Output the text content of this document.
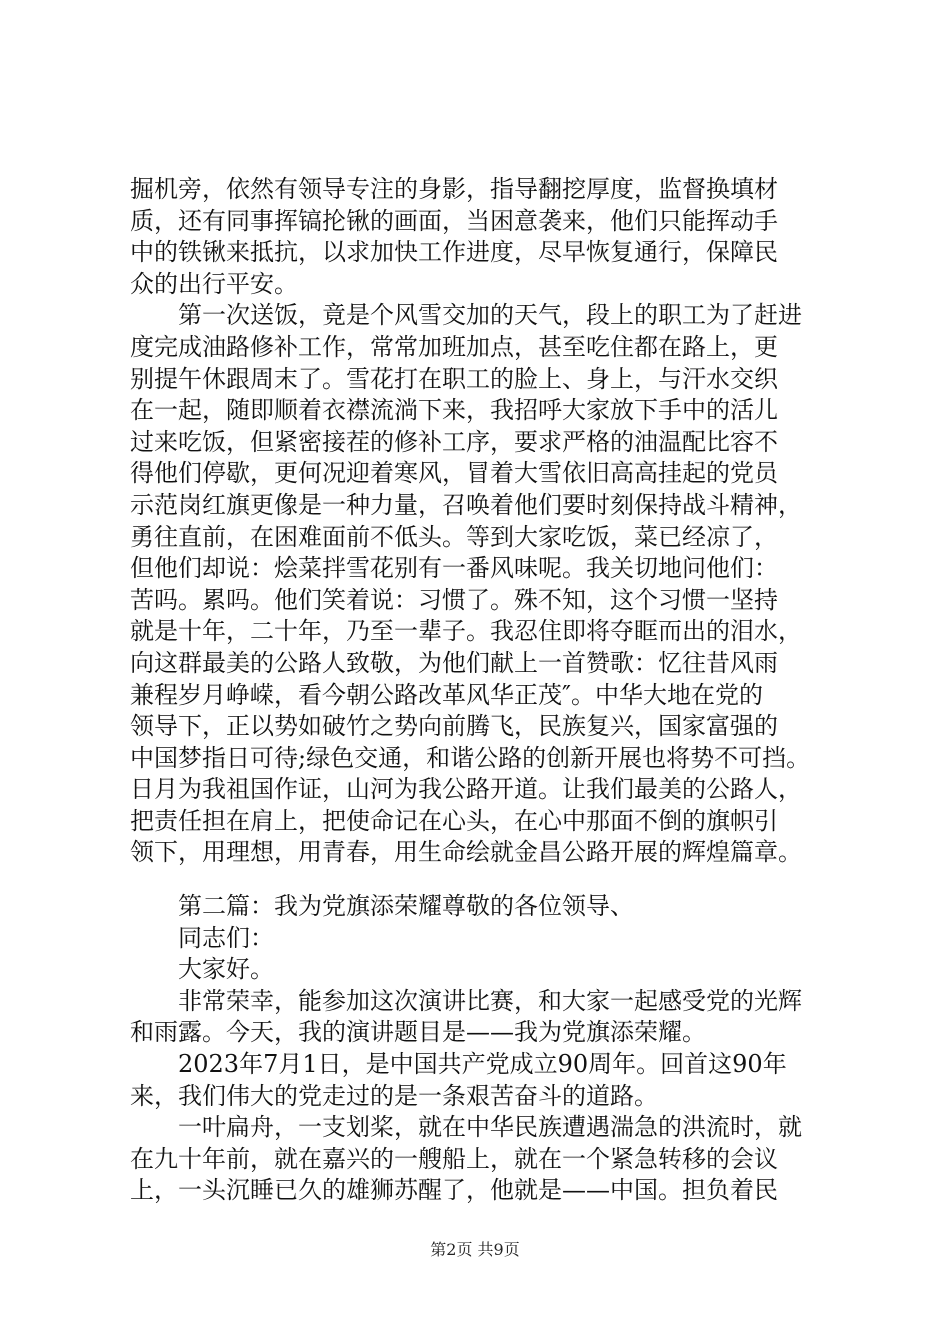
掘机旁，依然有领导专注的身影，指导翻挖厚度，监督换填材
质，还有同事挥镐抡锹的画面，当困意袭来，他们只能挥动手
中的铁锹来抵抗，以求加快工作进度，尽早恢复通行，保障民
众的出行平安。
第一次送饭，竟是个风雪交加的天气，段上的职工为了赶进
度完成油路修补工作，常常加班加点，甚至吃住都在路上，更
别提午休跟周末了。雪花打在职工的脸上、身上，与汗水交织
在一起，随即顺着衣襟流淌下来，我招呼大家放下手中的活儿
过来吃饭，但紧密接茬的修补工序，要求严格的油温配比容不
得他们停歇，更何况迎着寒风，冒着大雪依旧高高挂起的党员
示范岗红旗更像是一种力量，召唤着他们要时刻保持战斗精神，
勇往直前，在困难面前不低头。等到大家吃饭，菜已经凉了，
但他们却说：烩菜拌雪花别有一番风味呢。我关切地问他们：
苦吗。累吗。他们笑着说：习惯了。殊不知，这个习惯一坚持
就是十年，二十年，乃至一辈子。我忍住即将夺眶而出的泪水，
向这群最美的公路人致敬，为他们献上一首赞歌：忆往昔风雨
兼程岁月峥嵘，看今朝公路改革风华正茂″。中华大地在党的
领导下，正以势如破竹之势向前腾飞，民族复兴，国家富强的
中国梦指日可待;绿色交通，和谐公路的创新开展也将势不可挡。
日月为我祖国作证，山河为我公路开道。让我们最美的公路人，
把责任担在肩上，把使命记在心头，在心中那面不倒的旗帜引
领下，用理想，用青春，用生命绘就金昌公路开展的辉煌篇章。
第二篇：我为党旗添荣耀尊敬的各位领导、
同志们：
大家好。
非常荣幸，能参加这次演讲比赛，和大家一起感受党的光辉
和雨露。今天，我的演讲题目是——我为党旗添荣耀。
2023年7月1日，是中国共产党成立90周年。回首这90年
来，我们伟大的党走过的是一条艰苦奋斗的道路。
一叶扁舟，一支划桨，就在中华民族遭遇湍急的洪流时，就
在九十年前，就在嘉兴的一艘船上，就在一个紧急转移的会议
上，一头沉睡已久的雄狮苏醒了，他就是——中国。担负着民
第2页 共9页
